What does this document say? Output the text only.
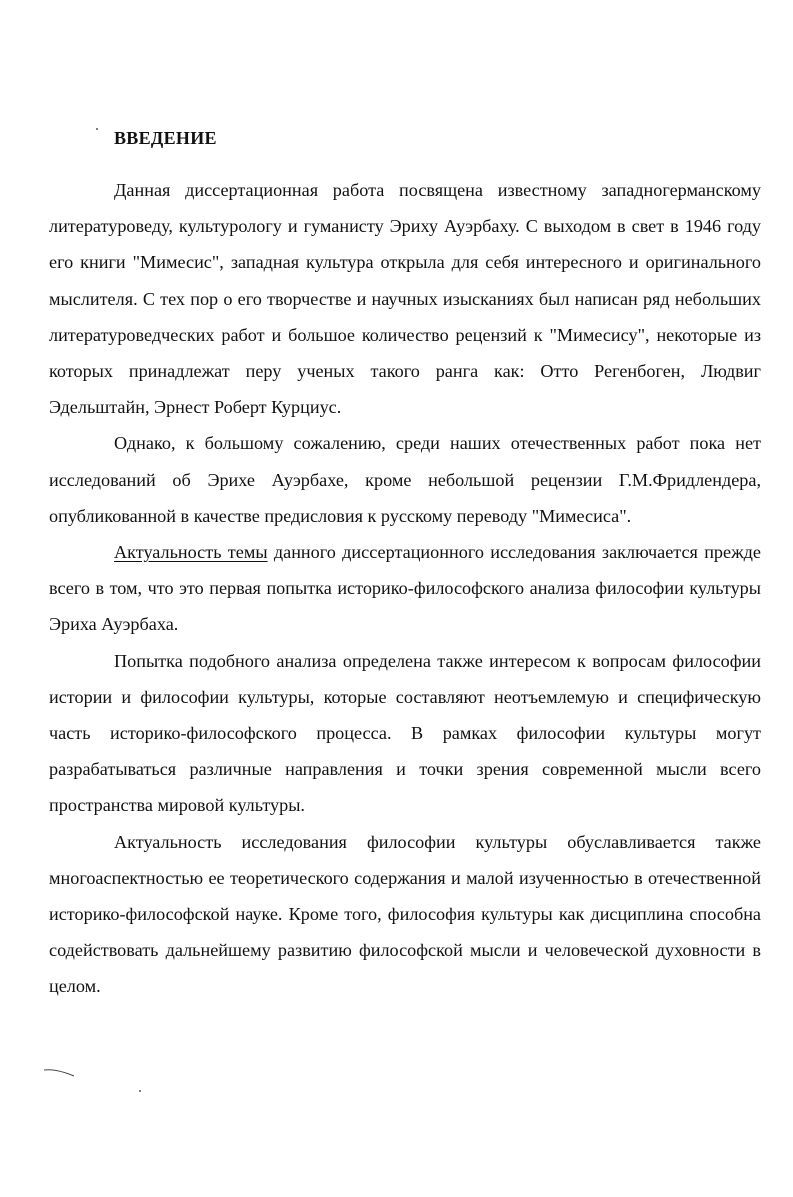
ВВЕДЕНИЕ

Данная диссертационная работа посвящена известному западногерманскому литературоведу, культурологу и гуманисту Эриху Ауэрбаху. С выходом в свет в 1946 году его книги "Мимесис", западная культура открыла для себя интересного и оригинального мыслителя. С тех пор о его творчестве и научных изысканиях был написан ряд небольших литературоведческих работ и большое количество рецензий к "Мимесису", некоторые из которых принадлежат перу ученых такого ранга как: Отто Регенбоген, Людвиг Эдельштайн, Эрнест Роберт Курциус.

Однако, к большому сожалению, среди наших отечественных работ пока нет исследований об Эрихе Ауэрбахе, кроме небольшой рецензии Г.М.Фридлендера, опубликованной в качестве предисловия к русскому переводу "Мимесиса".

Актуальность темы данного диссертационного исследования заключается прежде всего в том, что это первая попытка историко-философского анализа философии культуры Эриха Ауэрбаха.

Попытка подобного анализа определена также интересом к вопросам философии истории и философии культуры, которые составляют неотъемлемую и специфическую часть историко-философского процесса. В рамках философии культуры могут разрабатываться различные направления и точки зрения современной мысли всего пространства мировой культуры.

Актуальность исследования философии культуры обуславливается также многоаспектностью ее теоретического содержания и малой изученностью в отечественной историко-философской науке. Кроме того, философия культуры как дисциплина способна содействовать дальнейшему развитию философской мысли и человеческой духовности в целом.
